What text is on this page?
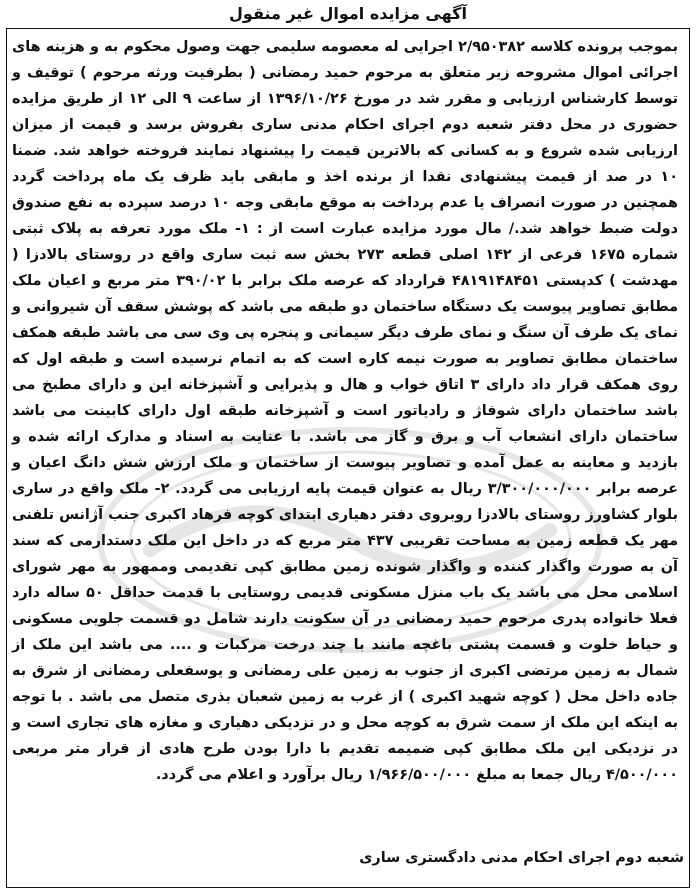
آگهی مزایده اموال غیر منقول

بموجب پرونده کلاسه ۲/۹۵۰۳۸۲ اجرایی له معصومه سلیمی جهت وصول محکوم به و هزینه های اجرائی اموال مشروحه زیر متعلق به مرحوم حمید رمضانی ( بطرفیت ورثه مرحوم ) توقیف و توسط کارشناس ارزیابی و مقرر شد در مورخ ۱۳۹۶/۱۰/۲۶ از ساعت ۹ الی ۱۲ از طریق مزایده حضوری در محل دفتر شعبه دوم اجرای احکام مدنی ساری بفروش برسد و قیمت از میزان ارزیابی شده شروع و به کسانی که بالاترین قیمت را پیشنهاد نمایند فروخته خواهد شد. ضمنا ۱۰ در صد از قیمت پیشنهادی نقدا از برنده اخذ و مابقی باید ظرف یک ماه پرداخت گردد همچنین در صورت انصراف یا عدم پرداخت به موقع مابقی وجه ۱۰ درصد سپرده به نفع صندوق دولت ضبط خواهد شد./ مال مورد مزایده عبارت است از : ۱- ملک مورد تعرفه به پلاک ثبتی شماره ۱۶۷۵ فرعی از ۱۴۲ اصلی قطعه ۲۷۳ بخش سه ثبت ساری واقع در روستای بالادزا ( مهدشت ) کدپستی ۴۸۱۹۱۴۸۴۵۱ قرارداد که عرصه ملک برابر با ۳۹۰/۰۲ متر مربع و اعیان ملک مطابق تصاویر پیوست یک دستگاه ساختمان دو طبقه می باشد که پوشش سقف آن شیروانی و نمای یک طرف آن سنگ و نمای طرف دیگر سیمانی و پنجره پی وی سی می باشد طبقه همکف ساختمان مطابق تصاویر به صورت نیمه کاره است که به اتمام نرسیده است و طبقه اول که روی همکف قرار داد دارای ۳ اتاق خواب و هال و پذیرایی و آشپزخانه این و دارای مطبخ می باشد ساختمان دارای شوفاژ و رادیاتور است و آشپزخانه طبقه اول دارای کابینت می باشد ساختمان دارای انشعاب آب و برق و گاز می باشد. با عنایت به اسناد و مدارک ارائه شده و بازدید و معاینه به عمل آمده و تصاویر پیوست از ساختمان و ملک ارزش شش دانگ اعیان و عرصه برابر ۳/۳۰۰/۰۰۰/۰۰۰ ریال به عنوان قیمت پایه ارزیابی می گردد. ۲- ملک واقع در ساری بلوار کشاورز روستای بالادزا روبروی دفتر دهیاری ابتدای کوچه فرهاد اکبری جنب آژانس تلفنی مهر یک قطعه زمین به مساحت تقریبی ۴۳۷ متر مربع که در داخل این ملک دستدارمی که سند آن به صورت واگذار کننده و واگذار شونده زمین مطابق کپی تقدیمی وممهور به مهر شورای اسلامی محل می باشد یک باب منزل مسکونی قدیمی روستایی با قدمت حداقل ۵۰ ساله دارد فعلا خانواده پدری مرحوم حمید رمضانی در آن سکونت دارند شامل دو قسمت جلویی مسکونی و حیاط خلوت و قسمت پشتی باغچه مانند با چند درخت مرکبات و .... می باشد این ملک از شمال به زمین مرتضی اکبری از جنوب به زمین علی رمضانی و یوسفعلی رمضانی از شرق به جاده داخل محل ( کوچه شهید اکبری ) از غرب به زمین شعبان بذری متصل می باشد . با توجه به اینکه این ملک از سمت شرق به کوچه محل و در نزدیکی دهیاری و مغازه های تجاری است و در نزدیکی این ملک مطابق کپی ضمیمه تقدیم با دارا بودن طرح هادی از قرار متر مربعی ۴/۵۰۰/۰۰۰ ریال جمعا به مبلغ ۱/۹۶۶/۵۰۰/۰۰۰ ریال برآورد و اعلام می گردد.

شعبه دوم اجرای احکام مدنی دادگستری ساری
